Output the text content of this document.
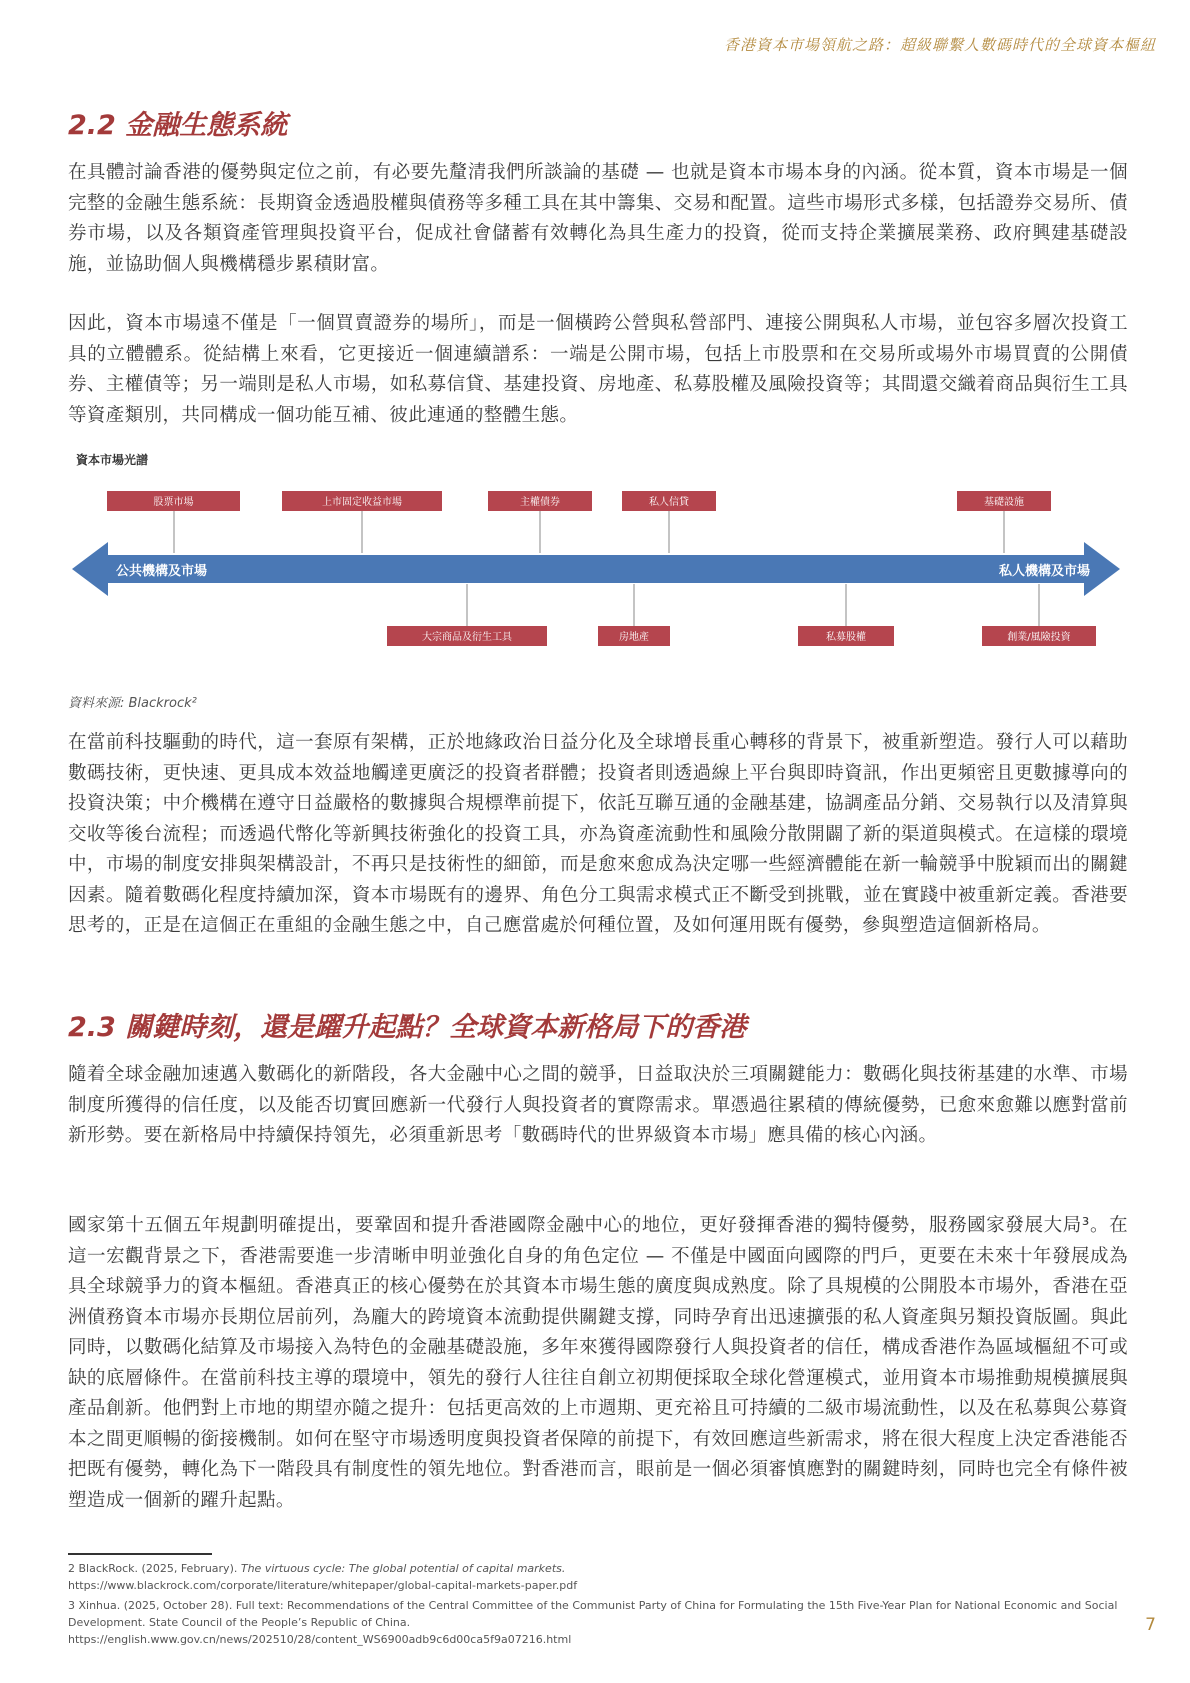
香港資本市場領航之路：超級聯繫人數碼時代的全球資本樞紐
2.2 金融生態系統

在具體討論香港的優勢與定位之前，有必要先釐清我們所談論的基礎 — 也就是資本市場本身的內涵。從本質，資本市場是一個完整的金融生態系統：長期資金透過股權與債務等多種工具在其中籌集、交易和配置。這些市場形式多樣，包括證券交易所、債券市場，以及各類資產管理與投資平台，促成社會儲蓄有效轉化為具生產力的投資，從而支持企業擴展業務、政府興建基礎設施，並協助個人與機構穩步累積財富。

因此，資本市場遠不僅是「一個買賣證券的場所」，而是一個橫跨公營與私營部門、連接公開與私人市場，並包容多層次投資工具的立體體系。從結構上來看，它更接近一個連續譜系：一端是公開市場，包括上市股票和在交易所或場外市場買賣的公開債券、主權債等；另一端則是私人市場，如私募信貸、基建投資、房地產、私募股權及風險投資等；其間還交織着商品與衍生工具等資產類別，共同構成一個功能互補、彼此連通的整體生態。

資本市場光譜
公共機構及市場	私人機構及市場
股票市場	上市固定收益市場	主權債券	私人信貸	基礎設施
大宗商品及衍生工具	房地產	私募股權	創業/風險投資
資料來源: Blackrock²

在當前科技驅動的時代，這一套原有架構，正於地緣政治日益分化及全球增長重心轉移的背景下，被重新塑造。發行人可以藉助數碼技術，更快速、更具成本效益地觸達更廣泛的投資者群體；投資者則透過線上平台與即時資訊，作出更頻密且更數據導向的投資決策；中介機構在遵守日益嚴格的數據與合規標準前提下，依託互聯互通的金融基建，協調產品分銷、交易執行以及清算與交收等後台流程；而透過代幣化等新興技術強化的投資工具，亦為資產流動性和風險分散開闢了新的渠道與模式。在這樣的環境中，市場的制度安排與架構設計，不再只是技術性的細節，而是愈來愈成為決定哪一些經濟體能在新一輪競爭中脫穎而出的關鍵因素。隨着數碼化程度持續加深，資本市場既有的邊界、角色分工與需求模式正不斷受到挑戰，並在實踐中被重新定義。香港要思考的，正是在這個正在重組的金融生態之中，自己應當處於何種位置，及如何運用既有優勢，參與塑造這個新格局。

2.3 關鍵時刻，還是躍升起點？全球資本新格局下的香港

隨着全球金融加速邁入數碼化的新階段，各大金融中心之間的競爭，日益取決於三項關鍵能力：數碼化與技術基建的水準、市場制度所獲得的信任度，以及能否切實回應新一代發行人與投資者的實際需求。單憑過往累積的傳統優勢，已愈來愈難以應對當前新形勢。要在新格局中持續保持領先，必須重新思考「數碼時代的世界級資本市場」應具備的核心內涵。

國家第十五個五年規劃明確提出，要鞏固和提升香港國際金融中心的地位，更好發揮香港的獨特優勢，服務國家發展大局³。在這一宏觀背景之下，香港需要進一步清晰申明並強化自身的角色定位 — 不僅是中國面向國際的門戶，更要在未來十年發展成為具全球競爭力的資本樞紐。香港真正的核心優勢在於其資本市場生態的廣度與成熟度。除了具規模的公開股本市場外，香港在亞洲債務資本市場亦長期位居前列，為龐大的跨境資本流動提供關鍵支撐，同時孕育出迅速擴張的私人資產與另類投資版圖。與此同時，以數碼化結算及市場接入為特色的金融基礎設施，多年來獲得國際發行人與投資者的信任，構成香港作為區域樞紐不可或缺的底層條件。在當前科技主導的環境中，領先的發行人往往自創立初期便採取全球化營運模式，並用資本市場推動規模擴展與產品創新。他們對上市地的期望亦隨之提升：包括更高效的上市週期、更充裕且可持續的二級市場流動性，以及在私募與公募資本之間更順暢的銜接機制。如何在堅守市場透明度與投資者保障的前提下，有效回應這些新需求，將在很大程度上決定香港能否把既有優勢，轉化為下一階段具有制度性的領先地位。對香港而言，眼前是一個必須審慎應對的關鍵時刻，同時也完全有條件被塑造成一個新的躍升起點。

2 BlackRock. (2025, February). The virtuous cycle: The global potential of capital markets.
https://www.blackrock.com/corporate/literature/whitepaper/global-capital-markets-paper.pdf
3 Xinhua. (2025, October 28). Full text: Recommendations of the Central Committee of the Communist Party of China for Formulating the 15th Five-Year Plan for National Economic and Social Development. State Council of the People’s Republic of China.
https://english.www.gov.cn/news/202510/28/content_WS6900adb9c6d00ca5f9a07216.html
7
